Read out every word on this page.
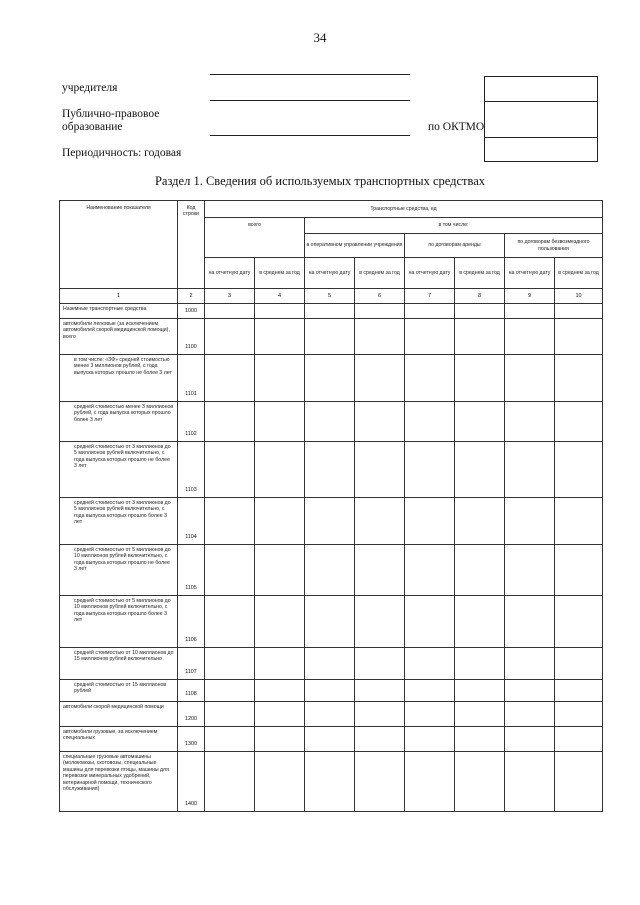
34
учредителя
Публично-правовое образование
Периодичность: годовая
по ОКТМО
Раздел 1. Сведения об используемых транспортных средствах
Наименование показателя	Код строки	Транспортные средства, ед							
		всего		в том числе:					
				в оперативном управлении учреждения		по договорам аренды		по договорам безвозмездного пользования	
		на отчетную дату	в среднем за год	на отчетную дату	в среднем за год	на отчетную дату	в среднем за год	на отчетную дату	в среднем за год
1	2	3	4	5	6	7	8	9	10
Наземные транспортные средства	1000								
автомобили легковые (за исключением автомобилей скорой медицинской помощи), всего	1100								
в том числе: «3Ф» средней стоимостью менее 3 миллионов рублей, с года выпуска которых прошло не более 3 лет	1101								
средней стоимостью менее 3 миллионов рублей, с года выпуска которых прошло более 3 лет	1102								
средней стоимостью от 3 миллионов до 5 миллионов рублей включительно, с года выпуска которых прошло не более 3 лет	1103								
средней стоимостью от 3 миллионов до 5 миллионов рублей включительно, с года выпуска которых прошло более 3 лет	1104								
средней стоимостью от 5 миллионов до 10 миллионов рублей включительно, с года выпуска которых прошло не более 3 лет	1105								
средней стоимостью от 5 миллионов до 10 миллионов рублей включительно, с года выпуска которых прошло более 3 лет	1106								
средней стоимостью от 10 миллионов до 15 миллионов рублей включительно	1107								
средней стоимостью от 15 миллионов рублей	1108								
автомобили скорой медицинской помощи	1200								
автомобили грузовые, за исключением специальных	1300								
специальные грузовые автомашины (молоковозы, скотовозы, специальные машины для перевозки птицы, машины для перевозки минеральных удобрений, ветеринарной помощи, технического обслуживания)	1400								
